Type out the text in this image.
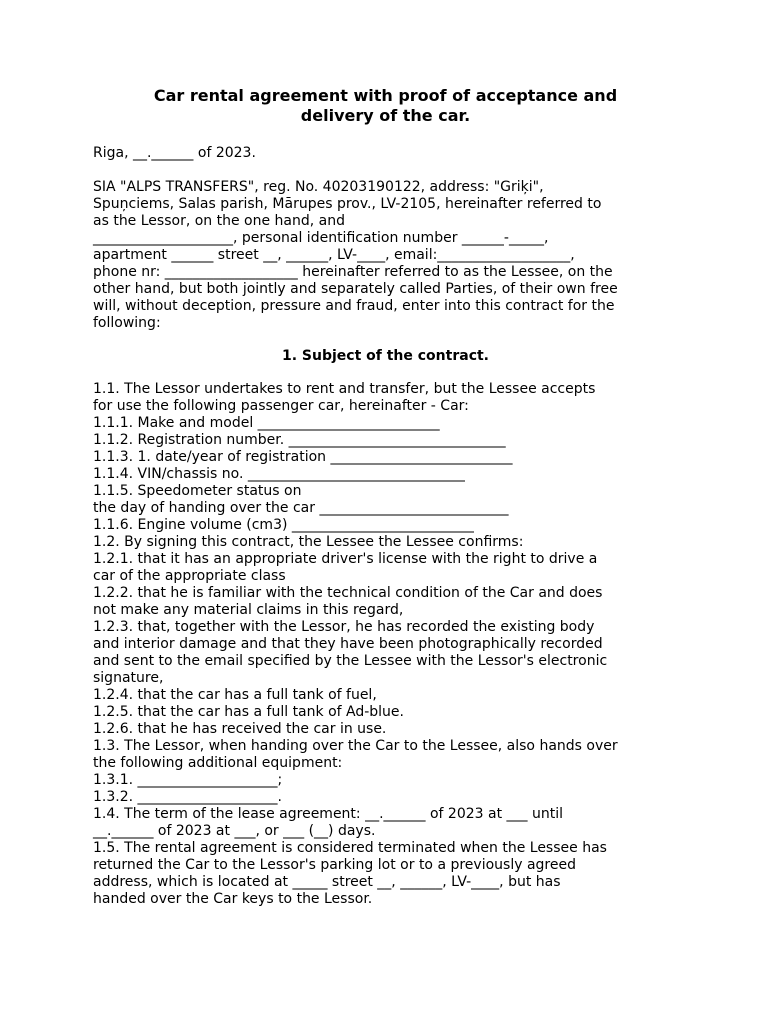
Car rental agreement with proof of acceptance and
delivery of the car.
Riga, __.______ of 2023.
SIA "ALPS TRANSFERS", reg. No. 40203190122, address: "Griķi",
Spuņciems, Salas parish, Mārupes prov., LV-2105, hereinafter referred to
as the Lessor, on the one hand, and
____________________, personal identification number ______-_____,
apartment ______ street __, ______, LV-____, email:___________________,
phone nr: ___________________ hereinafter referred to as the Lessee, on the
other hand, but both jointly and separately called Parties, of their own free
will, without deception, pressure and fraud, enter into this contract for the
following:
1. Subject of the contract.
1.1. The Lessor undertakes to rent and transfer, but the Lessee accepts
for use the following passenger car, hereinafter - Car:
1.1.1. Make and model __________________________
1.1.2. Registration number. _______________________________
1.1.3. 1. date/year of registration __________________________
1.1.4. VIN/chassis no. _______________________________
1.1.5. Speedometer status on
the day of handing over the car ___________________________
1.1.6. Engine volume (cm3) __________________________
1.2. By signing this contract, the Lessee the Lessee confirms:
1.2.1. that it has an appropriate driver's license with the right to drive a
car of the appropriate class
1.2.2. that he is familiar with the technical condition of the Car and does
not make any material claims in this regard,
1.2.3. that, together with the Lessor, he has recorded the existing body
and interior damage and that they have been photographically recorded
and sent to the email specified by the Lessee with the Lessor's electronic
signature,
1.2.4. that the car has a full tank of fuel,
1.2.5. that the car has a full tank of Ad-blue.
1.2.6. that he has received the car in use.
1.3. The Lessor, when handing over the Car to the Lessee, also hands over
the following additional equipment:
1.3.1. ____________________;
1.3.2. ____________________.
1.4. The term of the lease agreement: __.______ of 2023 at ___ until
__.______ of 2023 at ___, or ___ (__) days.
1.5. The rental agreement is considered terminated when the Lessee has
returned the Car to the Lessor's parking lot or to a previously agreed
address, which is located at _____ street __, ______, LV-____, but has
handed over the Car keys to the Lessor.
